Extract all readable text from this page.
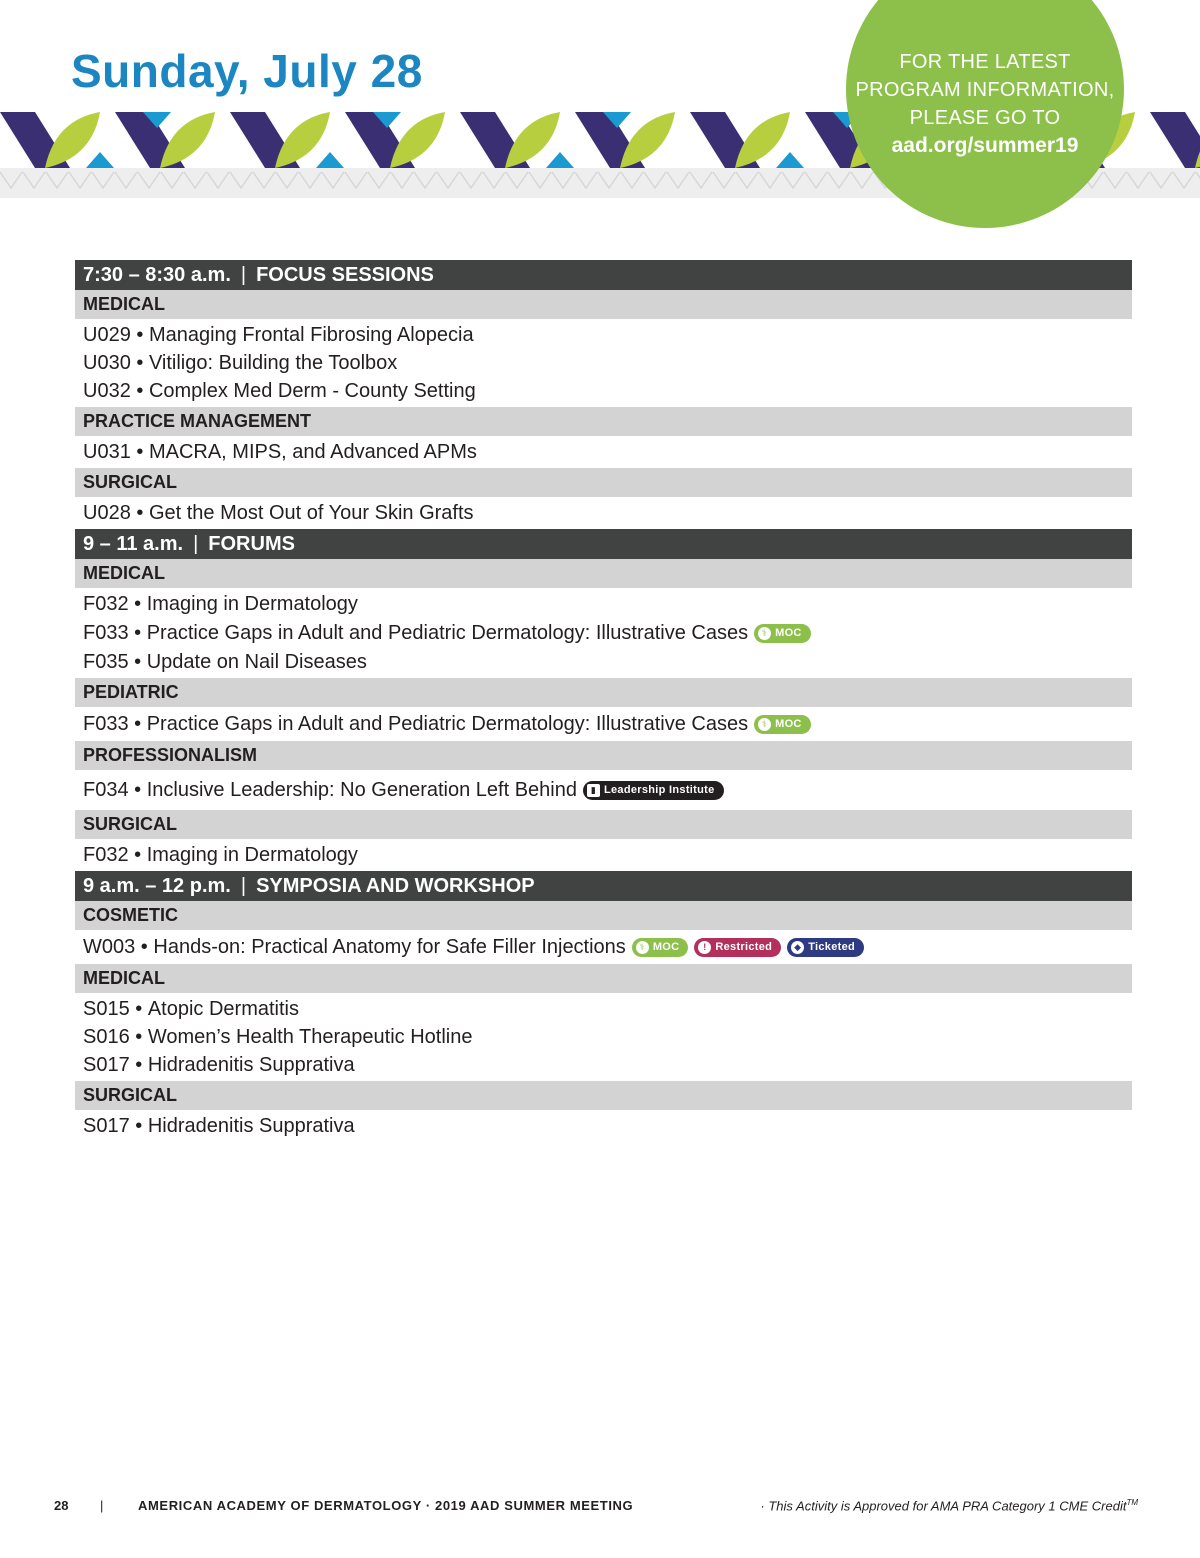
Sunday, July 28	FOR THE LATEST
PROGRAM INFORMATION,
PLEASE GO TO
aad.org/summer19
7:30 – 8:30 a.m. | FOCUS SESSIONS
MEDICAL
U029 • Managing Frontal Fibrosing Alopecia
U030 • Vitiligo: Building the Toolbox
U032 • Complex Med Derm - County Setting
PRACTICE MANAGEMENT
U031 • MACRA, MIPS, and Advanced APMs
SURGICAL
U028 • Get the Most Out of Your Skin Grafts
9 – 11 a.m. | FORUMS
MEDICAL
F032 • Imaging in Dermatology
F033 • Practice Gaps in Adult and Pediatric Dermatology: Illustrative Cases	⚕ MOC
F035 • Update on Nail Diseases
PEDIATRIC
F033 • Practice Gaps in Adult and Pediatric Dermatology: Illustrative Cases	⚕ MOC
PROFESSIONALISM
F034 • Inclusive Leadership: No Generation Left Behind	▮ Leadership Institute
SURGICAL
F032 • Imaging in Dermatology
9 a.m. – 12 p.m. | SYMPOSIA AND WORKSHOP
COSMETIC
W003 • Hands-on: Practical Anatomy for Safe Filler Injections	⚕ MOC	! Restricted	◆ Ticketed
MEDICAL
S015 • Atopic Dermatitis
S016 • Women’s Health Therapeutic Hotline
S017 • Hidradenitis Supprativa
SURGICAL
S017 • Hidradenitis Supprativa
28 |	AMERICAN ACADEMY OF DERMATOLOGY · 2019 AAD SUMMER MEETING	· This Activity is Approved for AMA PRA Category 1 CME Credit™
